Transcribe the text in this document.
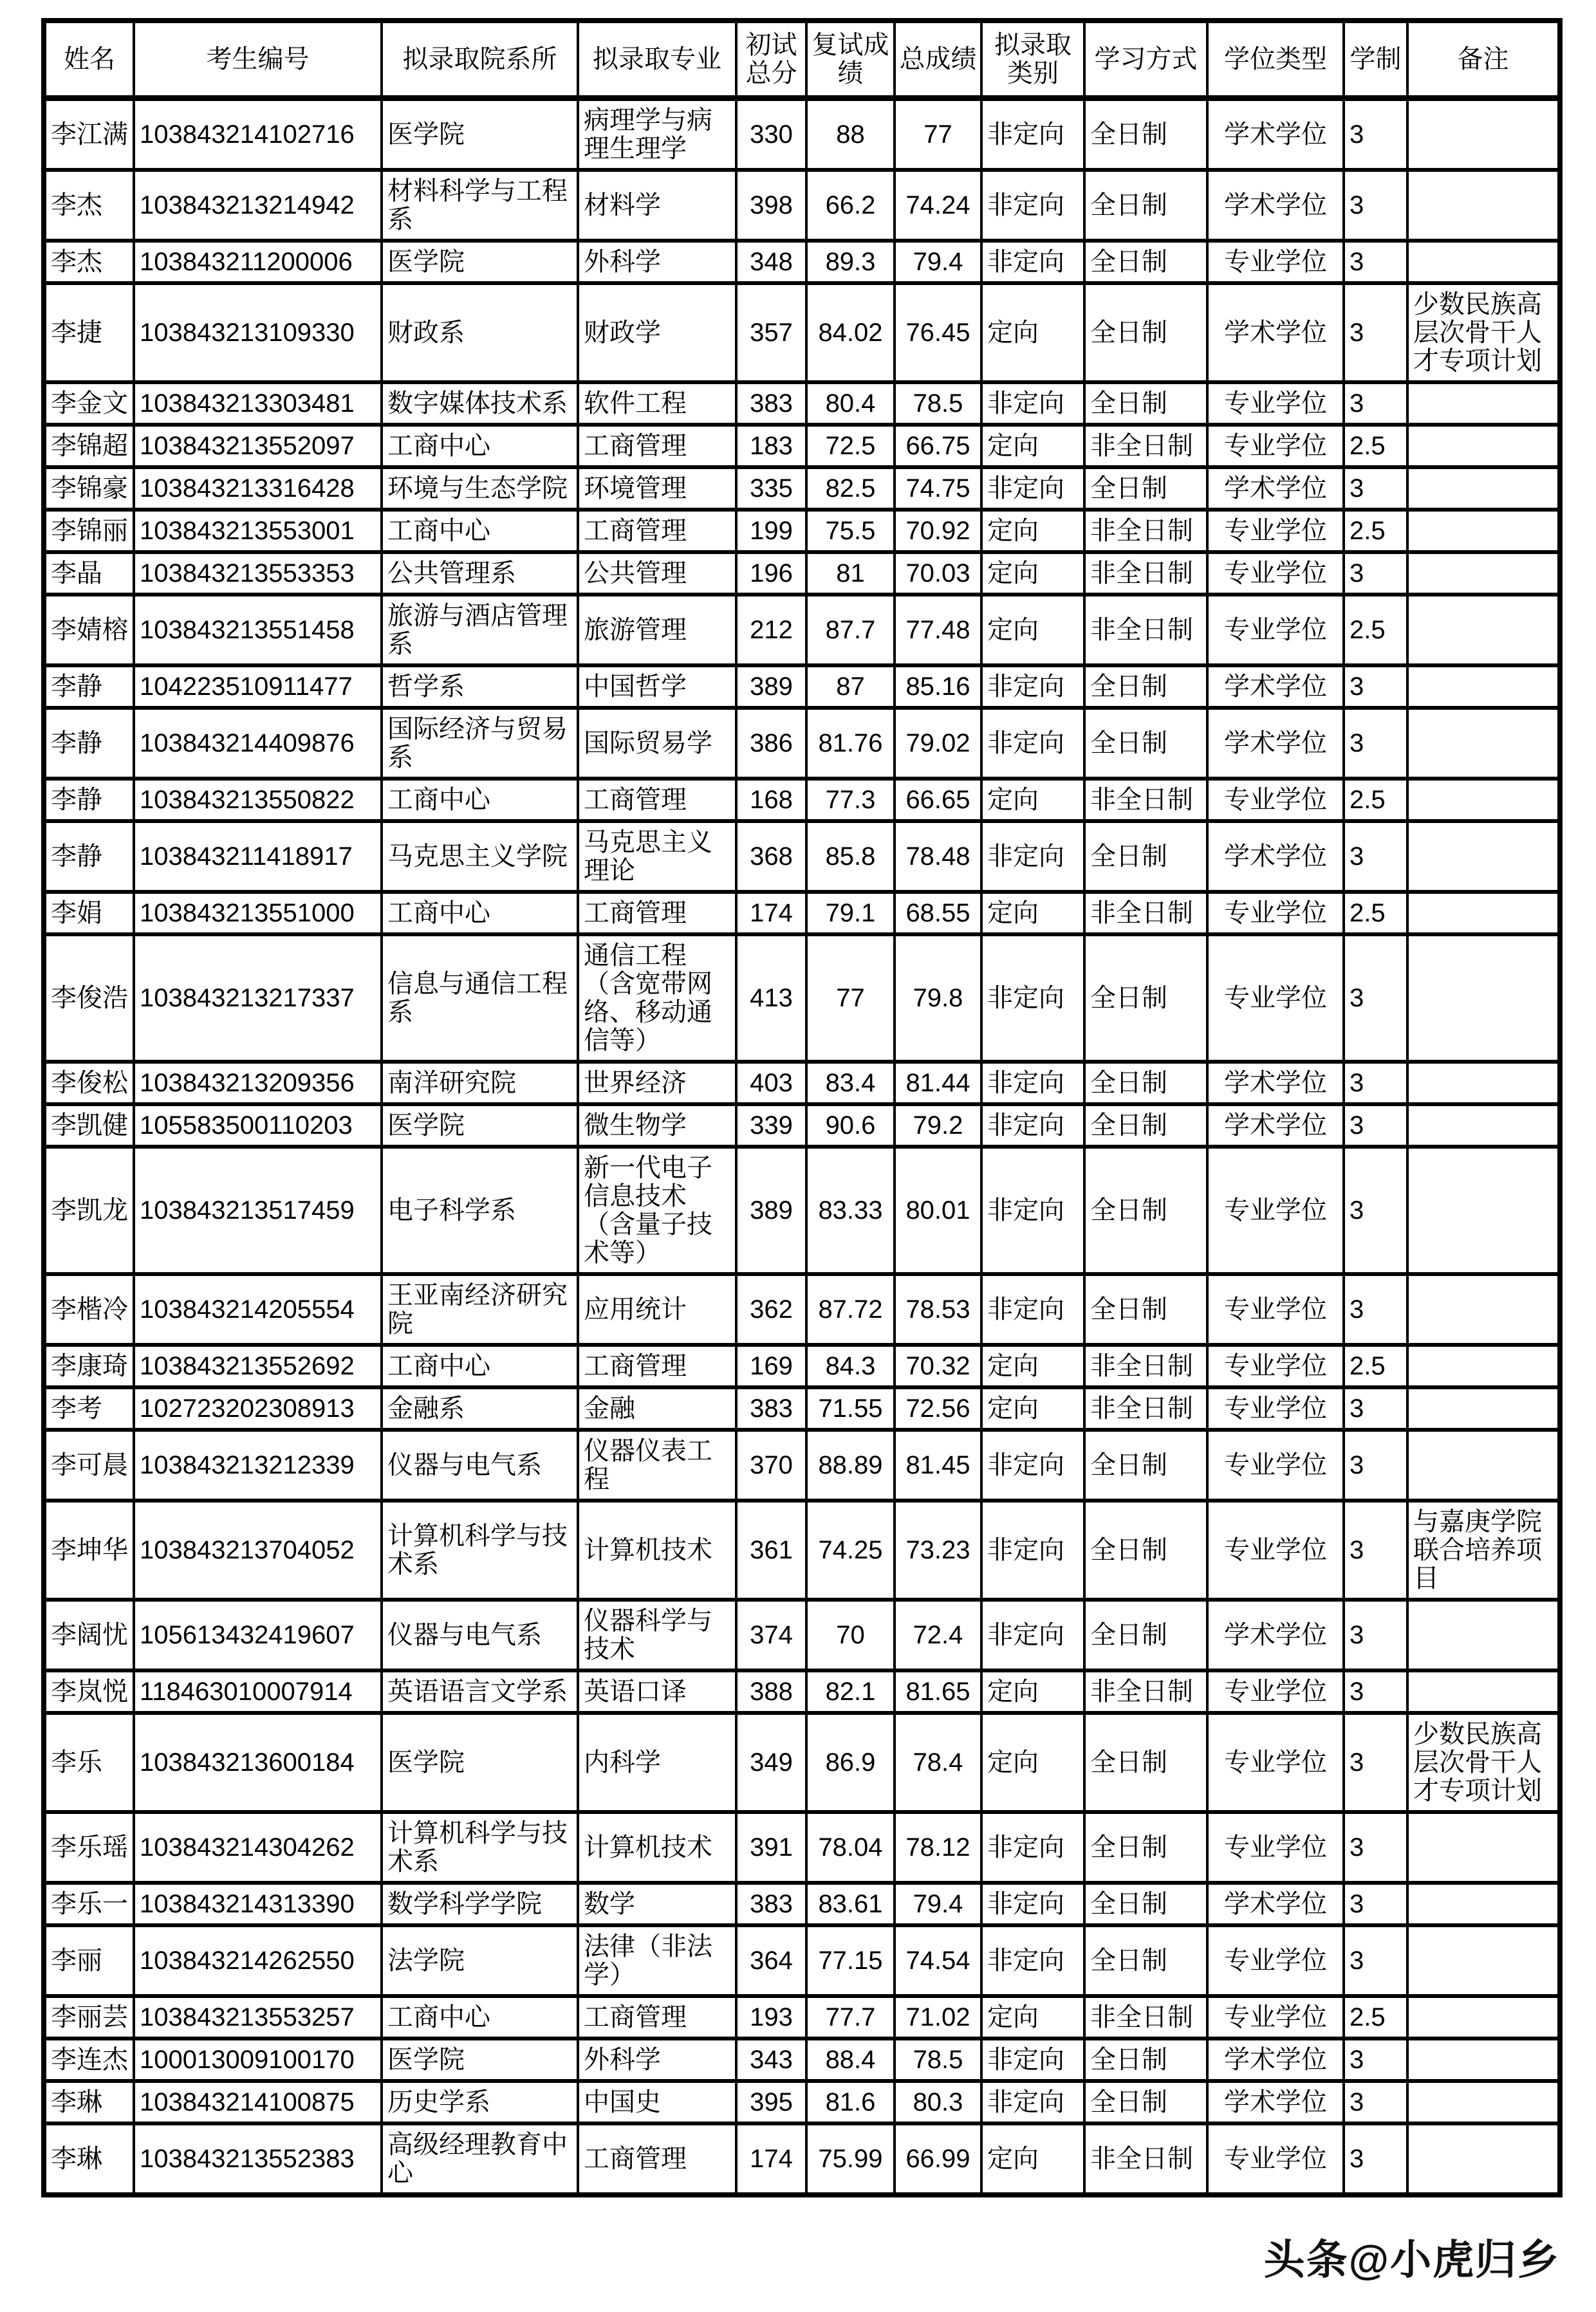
姓名	考生编号	拟录取院系所	拟录取专业	初试总分	复试成绩	总成绩	拟录取类别	学习方式	学位类型	学制	备注
李江满	103843214102716	医学院	病理学与病理生理学	330	88	77	非定向	全日制	学术学位	3	
李杰	103843213214942	材料科学与工程系	材料学	398	66.2	74.24	非定向	全日制	学术学位	3	
李杰	103843211200006	医学院	外科学	348	89.3	79.4	非定向	全日制	专业学位	3	
李捷	103843213109330	财政系	财政学	357	84.02	76.45	定向	全日制	学术学位	3	少数民族高层次骨干人才专项计划
李金文	103843213303481	数字媒体技术系	软件工程	383	80.4	78.5	非定向	全日制	专业学位	3	
李锦超	103843213552097	工商中心	工商管理	183	72.5	66.75	定向	非全日制	专业学位	2.5	
李锦豪	103843213316428	环境与生态学院	环境管理	335	82.5	74.75	非定向	全日制	学术学位	3	
李锦丽	103843213553001	工商中心	工商管理	199	75.5	70.92	定向	非全日制	专业学位	2.5	
李晶	103843213553353	公共管理系	公共管理	196	81	70.03	定向	非全日制	专业学位	3	
李婧榕	103843213551458	旅游与酒店管理系	旅游管理	212	87.7	77.48	定向	非全日制	专业学位	2.5	
李静	104223510911477	哲学系	中国哲学	389	87	85.16	非定向	全日制	学术学位	3	
李静	103843214409876	国际经济与贸易系	国际贸易学	386	81.76	79.02	非定向	全日制	学术学位	3	
李静	103843213550822	工商中心	工商管理	168	77.3	66.65	定向	非全日制	专业学位	2.5	
李静	103843211418917	马克思主义学院	马克思主义理论	368	85.8	78.48	非定向	全日制	学术学位	3	
李娟	103843213551000	工商中心	工商管理	174	79.1	68.55	定向	非全日制	专业学位	2.5	
李俊浩	103843213217337	信息与通信工程系	通信工程（含宽带网络、移动通信等）	413	77	79.8	非定向	全日制	专业学位	3	
李俊松	103843213209356	南洋研究院	世界经济	403	83.4	81.44	非定向	全日制	学术学位	3	
李凯健	105583500110203	医学院	微生物学	339	90.6	79.2	非定向	全日制	学术学位	3	
李凯龙	103843213517459	电子科学系	新一代电子信息技术（含量子技术等）	389	83.33	80.01	非定向	全日制	专业学位	3	
李楷冷	103843214205554	王亚南经济研究院	应用统计	362	87.72	78.53	非定向	全日制	专业学位	3	
李康琦	103843213552692	工商中心	工商管理	169	84.3	70.32	定向	非全日制	专业学位	2.5	
李考	102723202308913	金融系	金融	383	71.55	72.56	定向	非全日制	专业学位	3	
李可晨	103843213212339	仪器与电气系	仪器仪表工程	370	88.89	81.45	非定向	全日制	专业学位	3	
李坤华	103843213704052	计算机科学与技术系	计算机技术	361	74.25	73.23	非定向	全日制	专业学位	3	与嘉庚学院联合培养项目
李阔忧	105613432419607	仪器与电气系	仪器科学与技术	374	70	72.4	非定向	全日制	学术学位	3	
李岚悦	118463010007914	英语语言文学系	英语口译	388	82.1	81.65	定向	非全日制	专业学位	3	
李乐	103843213600184	医学院	内科学	349	86.9	78.4	定向	全日制	专业学位	3	少数民族高层次骨干人才专项计划
李乐瑶	103843214304262	计算机科学与技术系	计算机技术	391	78.04	78.12	非定向	全日制	专业学位	3	
李乐一	103843214313390	数学科学学院	数学	383	83.61	79.4	非定向	全日制	学术学位	3	
李丽	103843214262550	法学院	法律（非法学）	364	77.15	74.54	非定向	全日制	专业学位	3	
李丽芸	103843213553257	工商中心	工商管理	193	77.7	71.02	定向	非全日制	专业学位	2.5	
李连杰	100013009100170	医学院	外科学	343	88.4	78.5	非定向	全日制	学术学位	3	
李琳	103843214100875	历史学系	中国史	395	81.6	80.3	非定向	全日制	学术学位	3	
李琳	103843213552383	高级经理教育中心	工商管理	174	75.99	66.99	定向	非全日制	专业学位	3	
头条@小虎归乡
